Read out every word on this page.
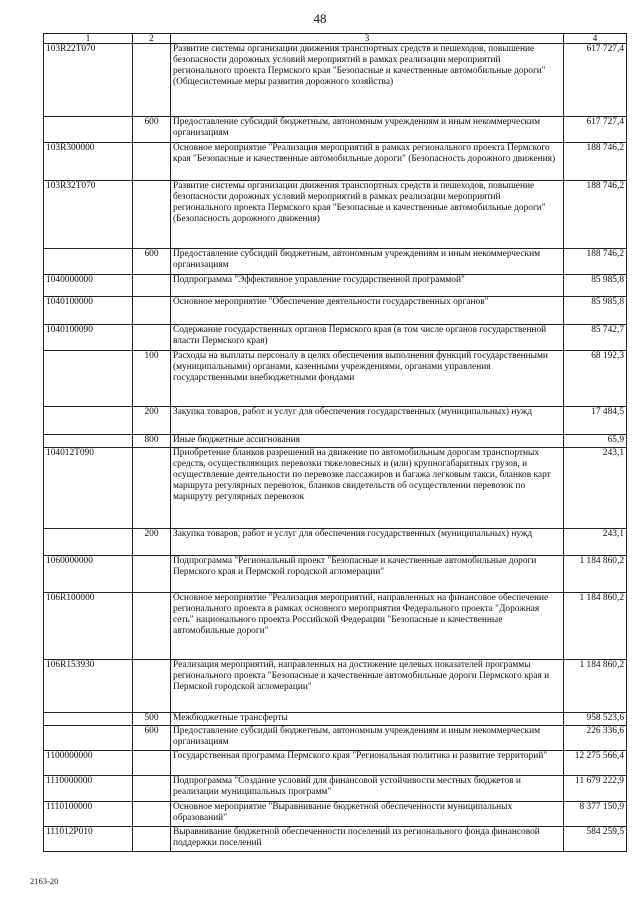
48
1	2	3	4
103R22T070		Развитие системы организации движения транспортных средств и пешеходов, повышение безопасности дорожных условий мероприятий в рамках реализации мероприятий регионального проекта Пермского края "Безопасные и качественные автомобильные дороги" (Общесистемные меры развития дорожного хозяйства)	617 727,4
	600	Предоставление субсидий бюджетным, автономным учреждениям и иным некоммерческим организациям	617 727,4
103R300000		Основное мероприятие "Реализация мероприятий в рамках регионального проекта Пермского края "Безопасные и качественные автомобильные дороги" (Безопасность дорожного движения)	188 746,2
103R32T070		Развитие системы организации движения транспортных средств и пешеходов, повышение безопасности дорожных условий мероприятий в рамках реализации мероприятий регионального проекта Пермского края "Безопасные и качественные автомобильные дороги" (Безопасность дорожного движения)	188 746,2
	600	Предоставление субсидий бюджетным, автономным учреждениям и иным некоммерческим организациям	188 746,2
1040000000		Подпрограмма "Эффективное управление государственной программой"	85 985,8
1040100000		Основное мероприятие "Обеспечение деятельности государственных органов"	85 985,8
1040100090		Содержание государственных органов Пермского края (в том числе органов государственной власти Пермского края)	85 742,7
	100	Расходы на выплаты персоналу в целях обеспечения выполнения функций государственными (муниципальными) органами, казенными учреждениями, органами управления государственными внебюджетными фондами	68 192,3
	200	Закупка товаров, работ и услуг для обеспечения государственных (муниципальных) нужд	17 484,5
	800	Иные бюджетные ассигнования	65,9
104012T090		Приобретение бланков разрешений на движение по автомобильным дорогам транспортных средств, осуществляющих перевозки тяжеловесных и (или) крупногабаритных грузов, и осуществление деятельности по перевозке пассажиров и багажа легковым такси, бланков карт маршрута регулярных перевозок, бланков свидетельств об осуществлении перевозок по маршруту регулярных перевозок	243,1
	200	Закупка товаров, работ и услуг для обеспечения государственных (муниципальных) нужд	243,1
1060000000		Подпрограмма "Региональный проект "Безопасные и качественные автомобильные дороги Пермского края и Пермской городской агломерации"	1 184 860,2
106R100000		Основное мероприятие "Реализация мероприятий, направленных на финансовое обеспечение регионального проекта в рамках основного мероприятия Федерального проекта "Дорожная сеть" национального проекта Российской Федерации "Безопасные и качественные автомобильные дороги"	1 184 860,2
106R153930		Реализация мероприятий, направленных на достижение целевых показателей программы регионального проекта "Безопасные и качественные автомобильные дороги Пермского края и Пермской городской агломерации"	1 184 860,2
	500	Межбюджетные трансферты	958 523,6
	600	Предоставление субсидий бюджетным, автономным учреждениям и иным некоммерческим организациям	226 336,6
1100000000		Государственная программа Пермского края "Региональная политика и развитие территорий"	12 275 566,4
1110000000		Подпрограмма "Создание условий для финансовой устойчивости местных бюджетов и реализации муниципальных программ"	11 679 222,9
1110100000		Основное мероприятие "Выравнивание бюджетной обеспеченности муниципальных образований"	8 377 150,9
111012P010		Выравнивание бюджетной обеспеченности поселений из регионального фонда финансовой поддержки поселений	584 259,5
2163-20
